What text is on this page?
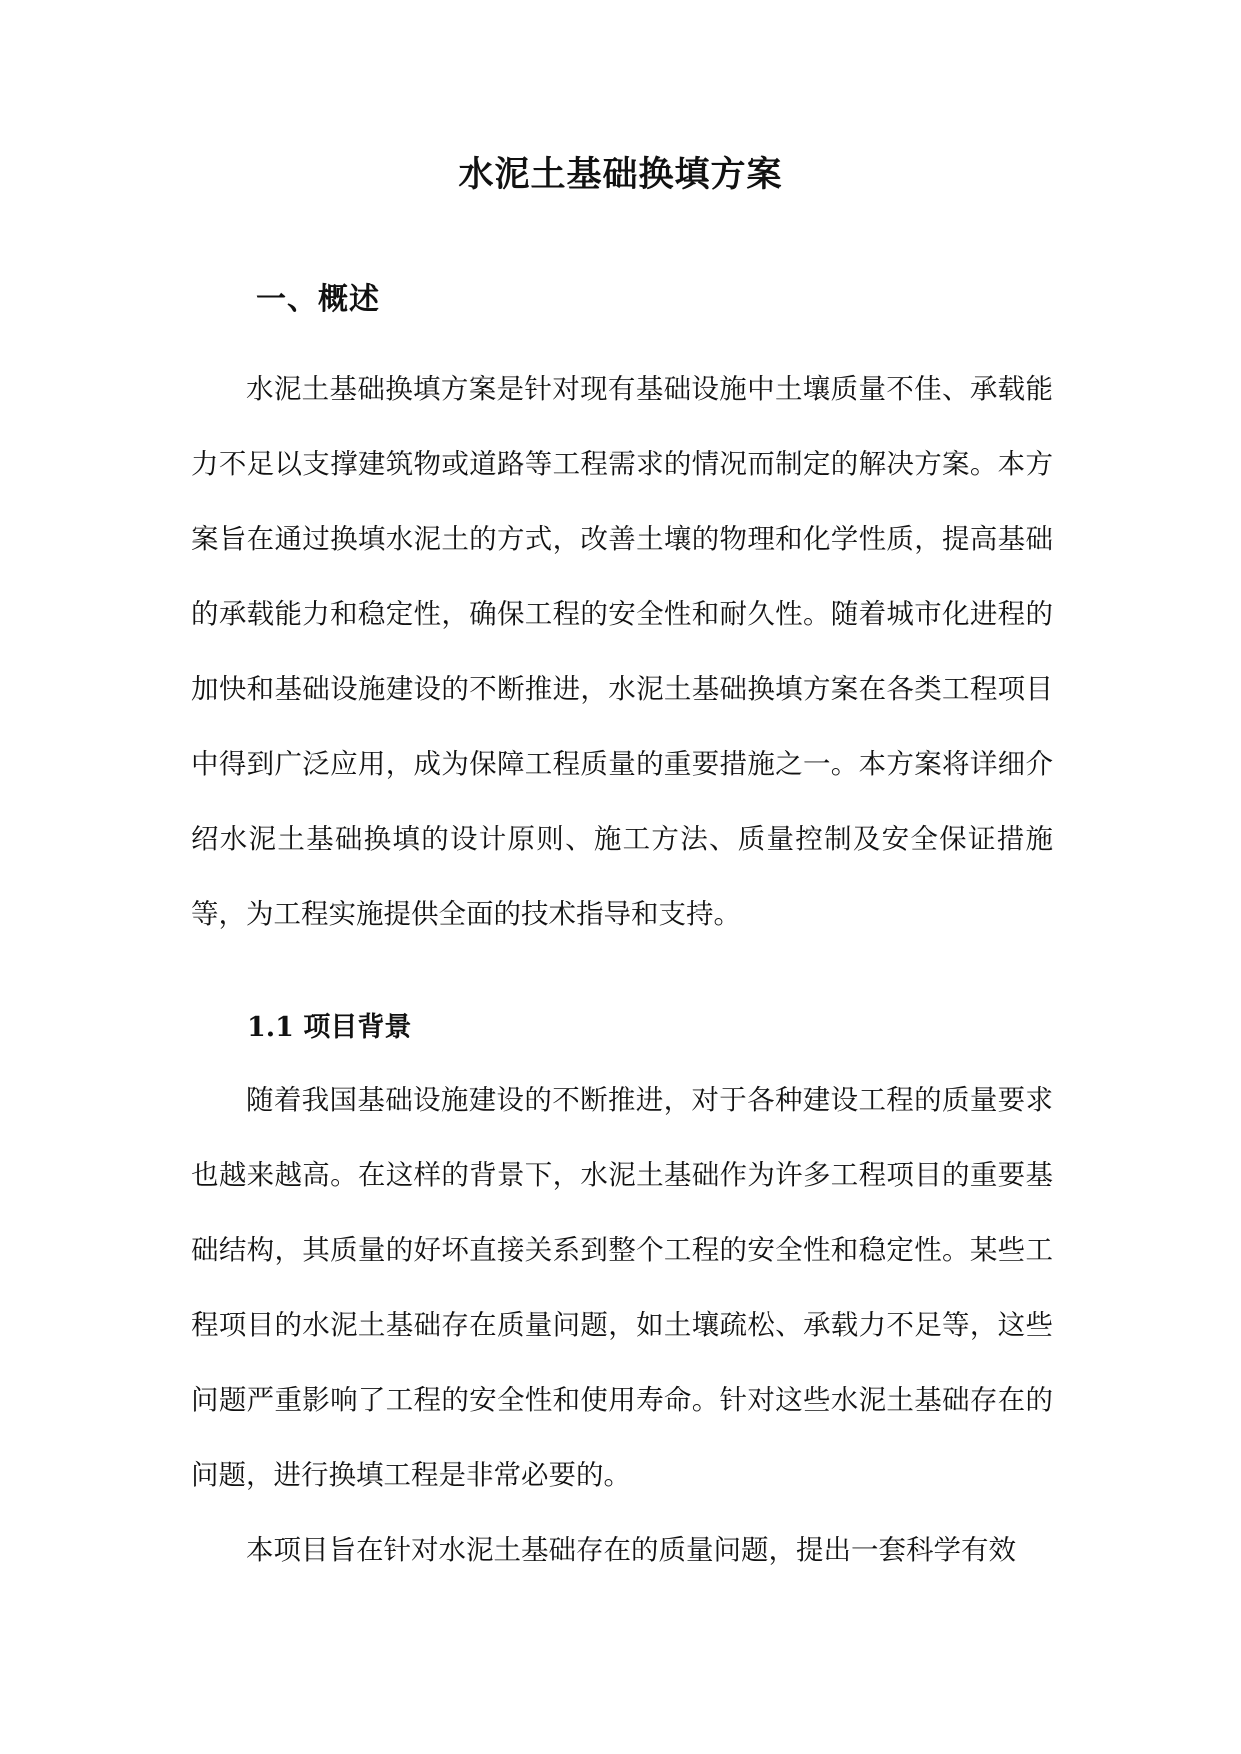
水泥土基础换填方案
一、概述

水泥土基础换填方案是针对现有基础设施中土壤质量不佳、承载能力不足以支撑建筑物或道路等工程需求的情况而制定的解决方案。本方案旨在通过换填水泥土的方式，改善土壤的物理和化学性质，提高基础的承载能力和稳定性，确保工程的安全性和耐久性。随着城市化进程的加快和基础设施建设的不断推进，水泥土基础换填方案在各类工程项目中得到广泛应用，成为保障工程质量的重要措施之一。本方案将详细介绍水泥土基础换填的设计原则、施工方法、质量控制及安全保证措施等，为工程实施提供全面的技术指导和支持。

1.1 项目背景

随着我国基础设施建设的不断推进，对于各种建设工程的质量要求也越来越高。在这样的背景下，水泥土基础作为许多工程项目的重要基础结构，其质量的好坏直接关系到整个工程的安全性和稳定性。某些工程项目的水泥土基础存在质量问题，如土壤疏松、承载力不足等，这些问题严重影响了工程的安全性和使用寿命。针对这些水泥土基础存在的问题，进行换填工程是非常必要的。

本项目旨在针对水泥土基础存在的质量问题，提出一套科学有效
